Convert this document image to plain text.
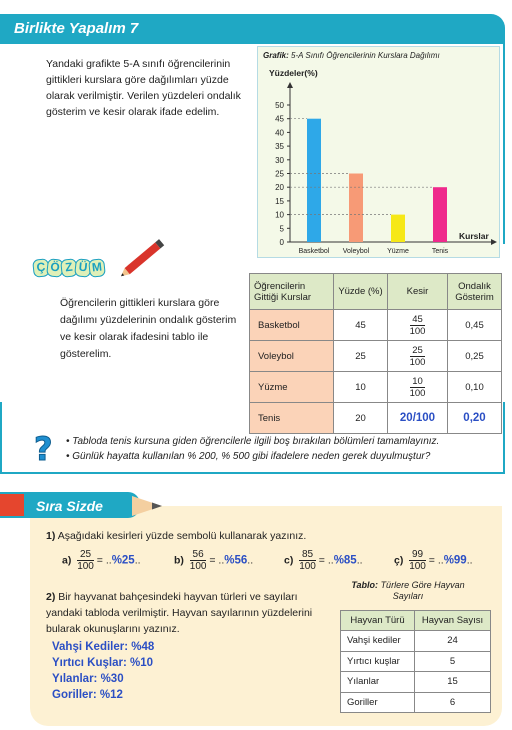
Birlikte Yapalım 7
Yandaki grafikte 5-A sınıfı öğrencilerinin gittikleri kurslara göre dağılımları yüzde olarak verilmiştir. Verilen yüzdeleri ondalık gösterim ve kesir olarak ifade edelim.
Grafik: 5-A Sınıfı Öğrencilerinin Kurslara Dağılımı
Yüzdeler(%)
Kurslar
0
5
10
15
20
25
30
35
40
45
50
Basketbol Voleybol	Yüzme	Tenis
Ç Ö Z Ü M
Öğrencilerin gittikleri kurslara göre dağılımı yüzdelerinin ondalık gösterim ve kesir olarak ifadesini tablo ile gösterelim.
Öğrencilerin Gittiği Kurslar	Yüzde (%)	Kesir	Ondalık Gösterim
Basketbol	45	$\frac{45}{100}$	0,45
Voleybol	25	$\frac{25}{100}$	0,25
Yüzme	10	$\frac{10}{100}$	0,10
Tenis	20	20/100	0,20
? • Tabloda tenis kursuna giden öğrencilerle ilgili boş bırakılan bölümleri tamamlayınız.
• Günlük hayatta kullanılan % 200, % 500 gibi ifadelere neden gerek duyulmuştur?
Sıra Sizde
1) Aşağıdaki kesirleri yüzde sembolü kullanarak yazınız.
$a) \frac{25}{100} = ..\%25$..	$b) \frac{56}{100} = ..\%56$..	$c) \frac{85}{100} = ..\%85$..	ç) $\frac{99}{100} = ..\%99$..
2) Bir hayvanat bahçesindeki hayvan türleri ve sayıları yandaki tabloda verilmiştir. Hayvan sayılarının yüzdelerini bularak okunuşlarını yazınız.
Vahşi Kediler: %48
Yırtıcı Kuşlar: %10
Yılanlar: %30
Goriller: %12
Tablo: Türlere Göre Hayvan Sayıları
Hayvan Türü	Hayvan Sayısı
Vahşi kediler	24
Yırtıcı kuşlar	5
Yılanlar	15
Goriller	6
